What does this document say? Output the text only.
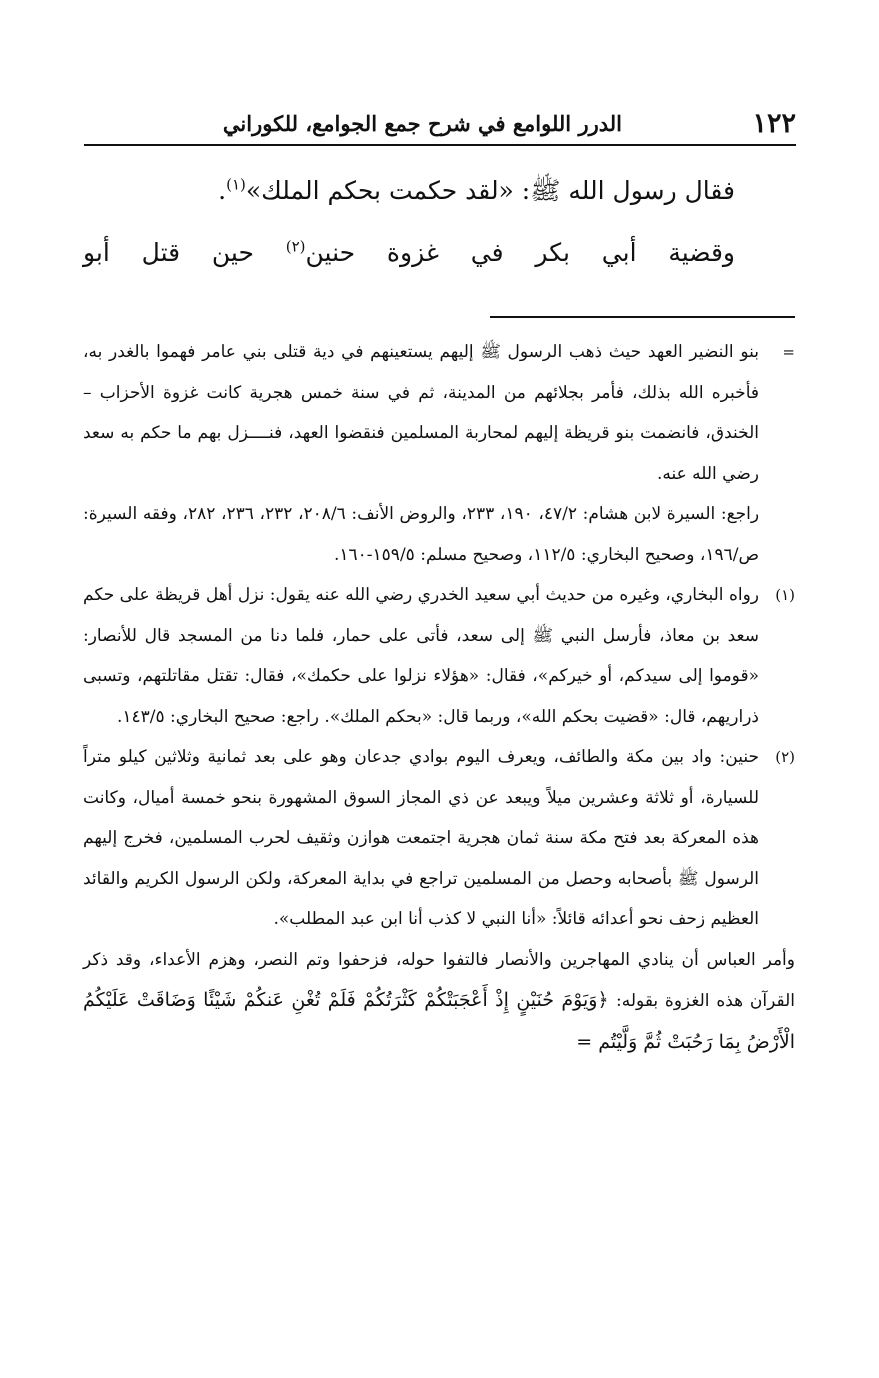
١٢٢
الدرر اللوامع في شرح جمع الجوامع، للكوراني

فقال رسول الله ﷺ: «لقد حكمت بحكم الملك»$^{(١)}$.

وقضية أبي بكر في غزوة حنين$^{(٢)}$ حين قتل أبو

=

بنو النضير العهد حيث ذهب الرسول ﷺ إليهم يستعينهم في دية قتلى بني عامر فهموا بالغدر به، فأخبره الله بذلك، فأمر بجلائهم من المدينة، ثم في سنة خمس هجرية كانت غزوة الأحزاب – الخندق، فانضمت بنو قريظة إليهم لمحاربة المسلمين فنقضوا العهد، فنــــزل بهم ما حكم به سعد رضي الله عنه.

راجع: السيرة لابن هشام: ٤٧/٢، ١٩٠، ٢٣٣، والروض الأنف: ٢٠٨/٦، ٢٣٢، ٢٣٦، ٢٨٢، وفقه السيرة: ص/١٩٦، وصحيح البخاري: ١١٢/٥، وصحيح مسلم: ١٥٩/٥-١٦٠.

(١)

رواه البخاري، وغيره من حديث أبي سعيد الخدري رضي الله عنه يقول: نزل أهل قريظة على حكم سعد بن معاذ، فأرسل النبي ﷺ إلى سعد، فأتى على حمار، فلما دنا من المسجد قال للأنصار: «قوموا إلى سيدكم، أو خيركم»، فقال: «هؤلاء نزلوا على حكمك»، فقال: تقتل مقاتلتهم، وتسبى ذراريهم، قال: «قضيت بحكم الله»، وربما قال: «بحكم الملك». راجع: صحيح البخاري: ١٤٣/٥.

(٢)

حنين: واد بين مكة والطائف، ويعرف اليوم بوادي جدعان وهو على بعد ثمانية وثلاثين كيلو متراً للسيارة، أو ثلاثة وعشرين ميلاً ويبعد عن ذي المجاز السوق المشهورة بنحو خمسة أميال، وكانت هذه المعركة بعد فتح مكة سنة ثمان هجرية اجتمعت هوازن وثقيف لحرب المسلمين، فخرج إليهم الرسول ﷺ بأصحابه وحصل من المسلمين تراجع في بداية المعركة، ولكن الرسول الكريم والقائد العظيم زحف نحو أعدائه قائلاً: «أنا النبي لا كذب أنا ابن عبد المطلب».

وأمر العباس أن ينادي المهاجرين والأنصار فالتفوا حوله، فزحفوا وتم النصر، وهزم الأعداء، وقد ذكر القرآن هذه الغزوة بقوله: ﴿وَيَوْمَ حُنَيْنٍ إِذْ أَعْجَبَتْكُمْ كَثْرَتُكُمْ فَلَمْ تُغْنِ عَنكُمْ شَيْئًا وَضَاقَتْ عَلَيْكُمُ الْأَرْضُ بِمَا رَحُبَتْ ثُمَّ وَلَّيْتُم =
